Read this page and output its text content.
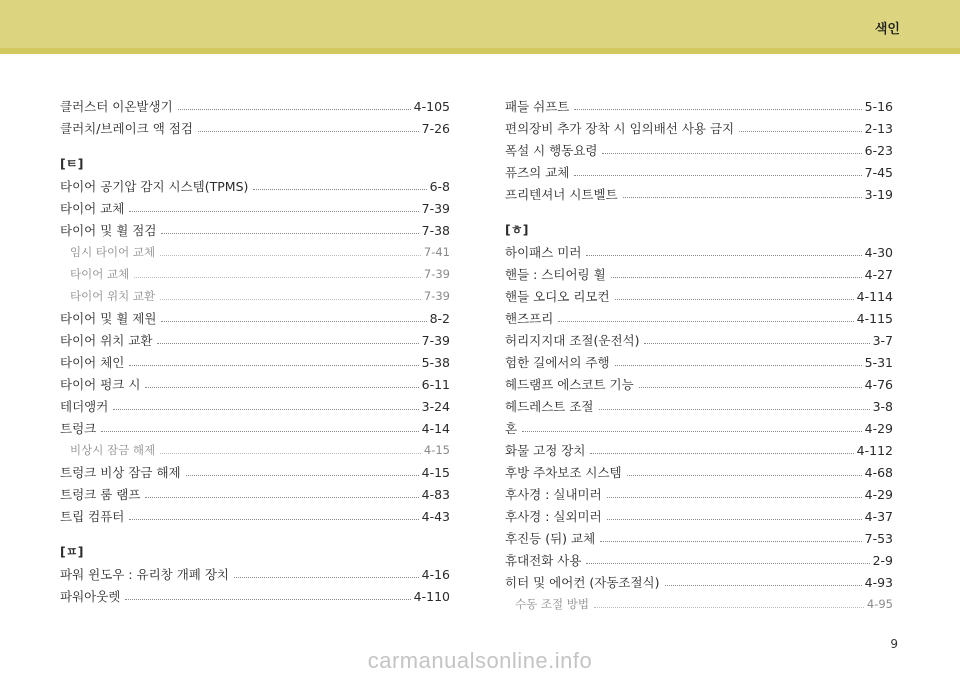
색인
클러스터 이온발생기	4-105
클러치/브레이크 액 점검	7-26
[ㅌ]
타이어 공기압 감지 시스템(TPMS)	6-8
타이어 교체	7-39
타이어 및 휠 점검	7-38
임시 타이어 교체	7-41
타이어 교체	7-39
타이어 위치 교환	7-39
타이어 및 휠 제원	8-2
타이어 위치 교환	7-39
타이어 체인	5-38
타이어 펑크 시	6-11
테더앵커	3-24
트렁크	4-14
비상시 잠금 해제	4-15
트렁크 비상 잠금 해제	4-15
트렁크 룸 램프	4-83
트립 컴퓨터	4-43
[ㅍ]
파워 윈도우 : 유리창 개폐 장치	4-16
파워아웃렛	4-110
패들 쉬프트	5-16
편의장비 추가 장착 시 임의배선 사용 금지	2-13
폭설 시 행동요령	6-23
퓨즈의 교체	7-45
프리텐셔너 시트벨트	3-19
[ㅎ]
하이패스 미러	4-30
핸들 : 스티어링 휠	4-27
핸들 오디오 리모컨	4-114
핸즈프리	4-115
허리지지대 조절(운전석)	3-7
험한 길에서의 주행	5-31
헤드램프 에스코트 기능	4-76
헤드레스트 조절	3-8
혼	4-29
화물 고정 장치	4-112
후방 주차보조 시스템	4-68
후사경 : 실내미러	4-29
후사경 : 실외미러	4-37
후진등 (뒤) 교체	7-53
휴대전화 사용	2-9
히터 및 에어컨 (자동조절식)	4-93
수동 조절 방법	4-95
9
carmanualsonline.info
